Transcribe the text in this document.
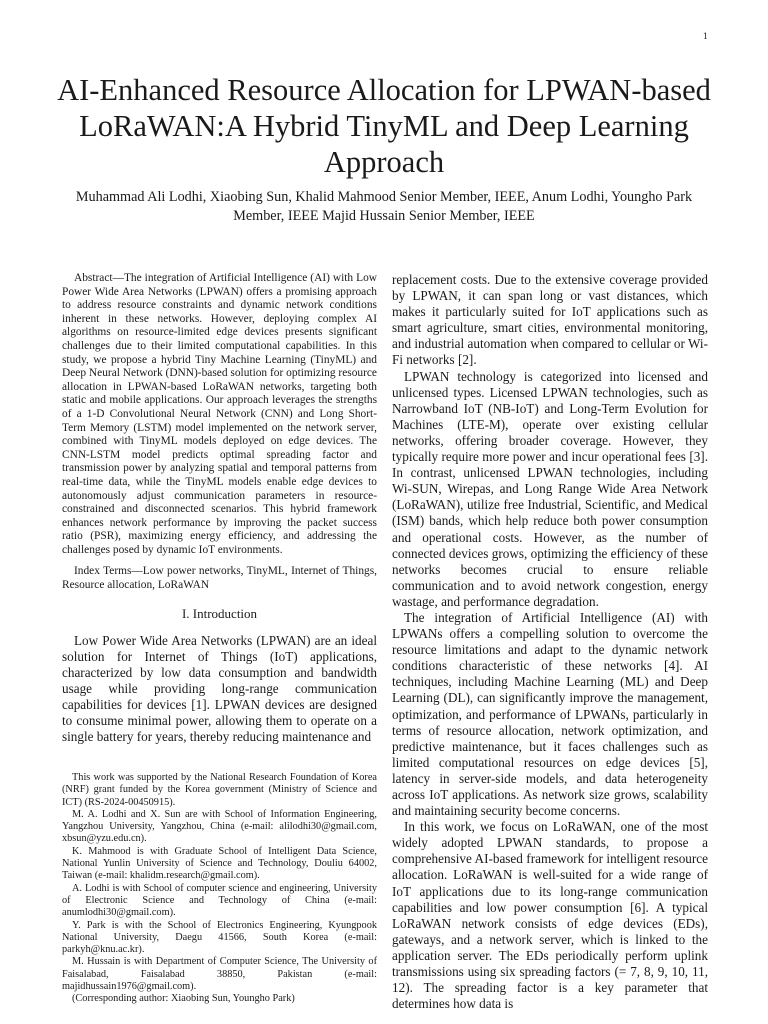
1
AI-Enhanced Resource Allocation for LPWAN-based LoRaWAN:A Hybrid TinyML and Deep Learning Approach
Muhammad Ali Lodhi, Xiaobing Sun, Khalid Mahmood Senior Member, IEEE, Anum Lodhi, Youngho Park Member, IEEE Majid Hussain Senior Member, IEEE

Abstract—The integration of Artificial Intelligence (AI) with Low Power Wide Area Networks (LPWAN) offers a promising approach to address resource constraints and dynamic network conditions inherent in these networks. However, deploying complex AI algorithms on resource-limited edge devices presents significant challenges due to their limited computational capabilities. In this study, we propose a hybrid Tiny Machine Learning (TinyML) and Deep Neural Network (DNN)-based solution for optimizing resource allocation in LPWAN-based LoRaWAN networks, targeting both static and mobile applications. Our approach leverages the strengths of a 1-D Convolutional Neural Network (CNN) and Long Short-Term Memory (LSTM) model implemented on the network server, combined with TinyML models deployed on edge devices. The CNN-LSTM model predicts optimal spreading factor and transmission power by analyzing spatial and temporal patterns from real-time data, while the TinyML models enable edge devices to autonomously adjust communication parameters in resource-constrained and disconnected scenarios. This hybrid framework enhances network performance by improving the packet success ratio (PSR), maximizing energy efficiency, and addressing the challenges posed by dynamic IoT environments.

Index Terms—Low power networks, TinyML, Internet of Things, Resource allocation, LoRaWAN

I. Introduction

Low Power Wide Area Networks (LPWAN) are an ideal solution for Internet of Things (IoT) applications, characterized by low data consumption and bandwidth usage while providing long-range communication capabilities for devices [1]. LPWAN devices are designed to consume minimal power, allowing them to operate on a single battery for years, thereby reducing maintenance and

This work was supported by the National Research Foundation of Korea (NRF) grant funded by the Korea government (Ministry of Science and ICT) (RS-2024-00450915).

M. A. Lodhi and X. Sun are with School of Information Engineering, Yangzhou University, Yangzhou, China (e-mail: alilodhi30@gmail.com, xbsun@yzu.edu.cn).

K. Mahmood is with Graduate School of Intelligent Data Science, National Yunlin University of Science and Technology, Douliu 64002, Taiwan (e-mail: khalidm.research@gmail.com).

A. Lodhi is with School of computer science and engineering, University of Electronic Science and Technology of China (e-mail: anumlodhi30@gmail.com).

Y. Park is with the School of Electronics Engineering, Kyungpook National University, Daegu 41566, South Korea (e-mail: parkyh@knu.ac.kr).

M. Hussain is with Department of Computer Science, The University of Faisalabad, Faisalabad 38850, Pakistan (e-mail: majidhussain1976@gmail.com).

(Corresponding author: Xiaobing Sun, Youngho Park)

replacement costs. Due to the extensive coverage provided by LPWAN, it can span long or vast distances, which makes it particularly suited for IoT applications such as smart agriculture, smart cities, environmental monitoring, and industrial automation when compared to cellular or Wi-Fi networks [2].

LPWAN technology is categorized into licensed and unlicensed types. Licensed LPWAN technologies, such as Narrowband IoT (NB-IoT) and Long-Term Evolution for Machines (LTE-M), operate over existing cellular networks, offering broader coverage. However, they typically require more power and incur operational fees [3]. In contrast, unlicensed LPWAN technologies, including Wi-SUN, Wirepas, and Long Range Wide Area Network (LoRaWAN), utilize free Industrial, Scientific, and Medical (ISM) bands, which help reduce both power consumption and operational costs. However, as the number of connected devices grows, optimizing the efficiency of these networks becomes crucial to ensure reliable communication and to avoid network congestion, energy wastage, and performance degradation.

The integration of Artificial Intelligence (AI) with LPWANs offers a compelling solution to overcome the resource limitations and adapt to the dynamic network conditions characteristic of these networks [4]. AI techniques, including Machine Learning (ML) and Deep Learning (DL), can significantly improve the management, optimization, and performance of LPWANs, particularly in terms of resource allocation, network optimization, and predictive maintenance, but it faces challenges such as limited computational resources on edge devices [5], latency in server-side models, and data heterogeneity across IoT applications. As network size grows, scalability and maintaining security become concerns.

In this work, we focus on LoRaWAN, one of the most widely adopted LPWAN standards, to propose a comprehensive AI-based framework for intelligent resource allocation. LoRaWAN is well-suited for a wide range of IoT applications due to its long-range communication capabilities and low power consumption [6]. A typical LoRaWAN network consists of edge devices (EDs), gateways, and a network server, which is linked to the application server. The EDs periodically perform uplink transmissions using six spreading factors (= 7, 8, 9, 10, 11, 12). The spreading factor is a key parameter that determines how data is
